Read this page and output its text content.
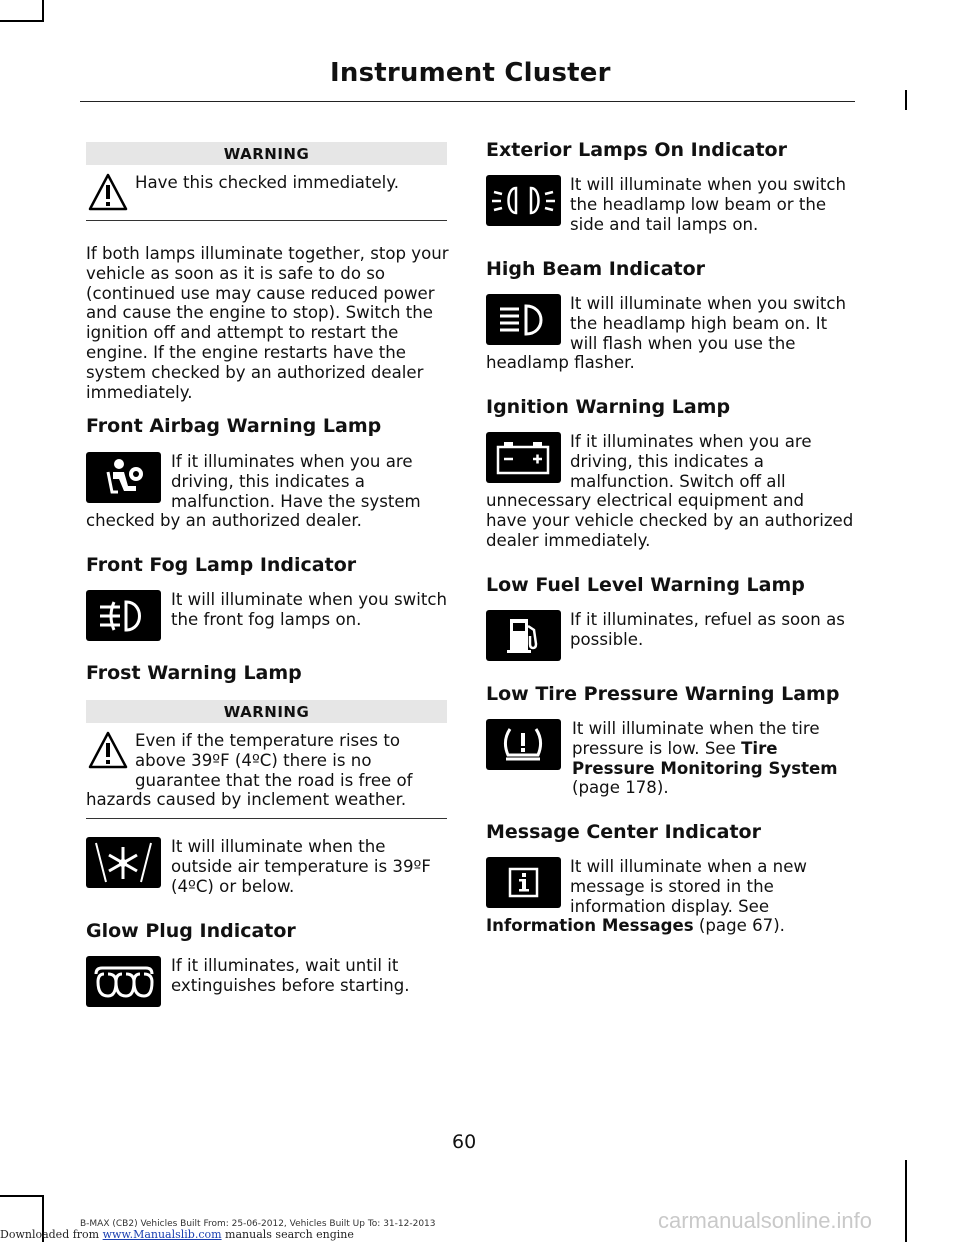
Instrument Cluster
WARNING
Have this checked immediately.
If both lamps illuminate together, stop your
vehicle as soon as it is safe to do so
(continued use may cause reduced power
and cause the engine to stop). Switch the
ignition off and attempt to restart the
engine. If the engine restarts have the
system checked by an authorized dealer
immediately.
Front Airbag Warning Lamp
If it illuminates when you are
driving, this indicates a
malfunction. Have the system
checked by an authorized dealer.
Front Fog Lamp Indicator
It will illuminate when you switch
the front fog lamps on.
Frost Warning Lamp
WARNING
Even if the temperature rises to
above 39ºF (4ºC) there is no
guarantee that the road is free of
hazards caused by inclement weather.
It will illuminate when the
outside air temperature is 39ºF
(4ºC) or below.
Glow Plug Indicator
If it illuminates, wait until it
extinguishes before starting.
Exterior Lamps On Indicator
It will illuminate when you switch
the headlamp low beam or the
side and tail lamps on.
High Beam Indicator
It will illuminate when you switch
the headlamp high beam on. It
will flash when you use the
headlamp flasher.
Ignition Warning Lamp
If it illuminates when you are
driving, this indicates a
malfunction. Switch off all
unnecessary electrical equipment and
have your vehicle checked by an authorized
dealer immediately.
Low Fuel Level Warning Lamp
If it illuminates, refuel as soon as
possible.
Low Tire Pressure Warning Lamp
It will illuminate when the tire
pressure is low. See Tire
Pressure Monitoring System
(page 178).
Message Center Indicator
It will illuminate when a new
message is stored in the
information display. See
Information Messages (page 67).
60
B-MAX (CB2) Vehicles Built From: 25-06-2012, Vehicles Built Up To: 31-12-2013
Downloaded from www.Manualslib.com manuals search engine
carmanualsonline.info
